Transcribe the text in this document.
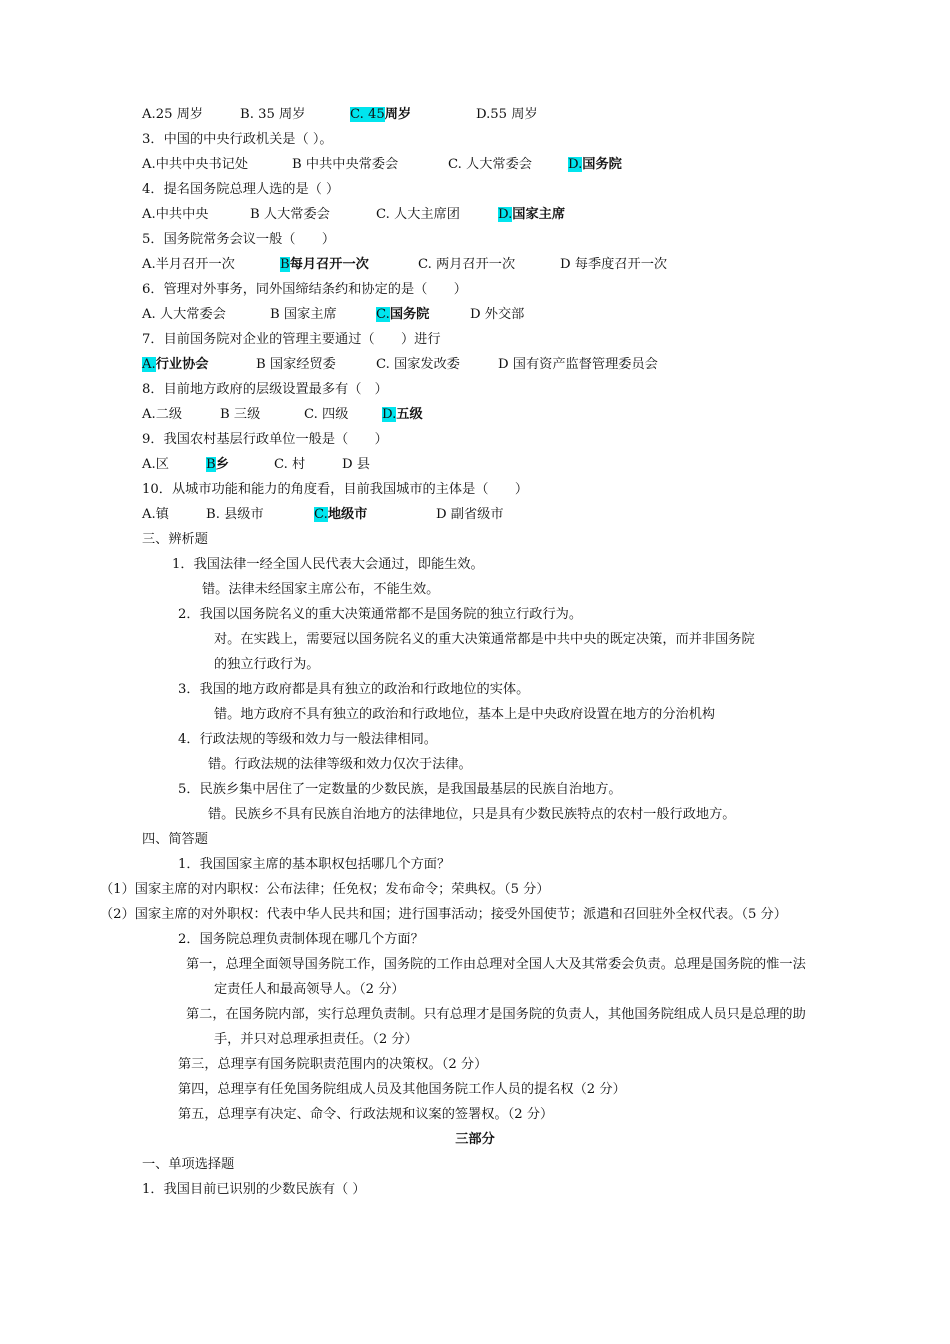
A.25 周岁	B. 35 周岁	C. 45周岁	D.55 周岁
3．中国的中央行政机关是（ ）。
A.中共中央书记处	B 中共中央常委会	C. 人大常委会	D.国务院
4．提名国务院总理人选的是（ ）
A.中共中央	B 人大常委会	C. 人大主席团	D.国家主席
5．国务院常务会议一般（　　）
A.半月召开一次	B每月召开一次	C. 两月召开一次	D 每季度召开一次
6．管理对外事务，同外国缔结条约和协定的是（　　）
A. 人大常委会	B 国家主席	C.国务院	D 外交部
7．目前国务院对企业的管理主要通过（　　）进行
A.行业协会	B 国家经贸委	C. 国家发改委	D 国有资产监督管理委员会
8．目前地方政府的层级设置最多有（　）
A.二级	B 三级	C. 四级	D.五级
9．我国农村基层行政单位一般是（　　）
A.区	B乡	C. 村	D 县
10．从城市功能和能力的角度看，目前我国城市的主体是（　　）
A.镇	B. 县级市	C.地级市	D 副省级市
三、辨析题
1．我国法律一经全国人民代表大会通过，即能生效。
错。法律未经国家主席公布，不能生效。
2．我国以国务院名义的重大决策通常都不是国务院的独立行政行为。
对。在实践上，需要冠以国务院名义的重大决策通常都是中共中央的既定决策，而并非国务院
的独立行政行为。
3．我国的地方政府都是具有独立的政治和行政地位的实体。
错。地方政府不具有独立的政治和行政地位，基本上是中央政府设置在地方的分治机构
4．行政法规的等级和效力与一般法律相同。
错。行政法规的法律等级和效力仅次于法律。
5．民族乡集中居住了一定数量的少数民族，是我国最基层的民族自治地方。
错。民族乡不具有民族自治地方的法律地位，只是具有少数民族特点的农村一般行政地方。
四、简答题
1．我国国家主席的基本职权包括哪几个方面？
（1）国家主席的对内职权：公布法律；任免权；发布命令；荣典权。（5 分）
（2）国家主席的对外职权：代表中华人民共和国；进行国事活动；接受外国使节；派遣和召回驻外全权代表。（5 分）
2．国务院总理负责制体现在哪几个方面？
第一，总理全面领导国务院工作，国务院的工作由总理对全国人大及其常委会负责。总理是国务院的惟一法
定责任人和最高领导人。（2 分）
第二，在国务院内部，实行总理负责制。只有总理才是国务院的负责人，其他国务院组成人员只是总理的助
手，并只对总理承担责任。（2 分）
第三，总理享有国务院职责范围内的决策权。（2 分）
第四，总理享有任免国务院组成人员及其他国务院工作人员的提名权（2 分）
第五，总理享有决定、命令、行政法规和议案的签署权。（2 分）
三部分
一、单项选择题
1．我国目前已识别的少数民族有（ ）
